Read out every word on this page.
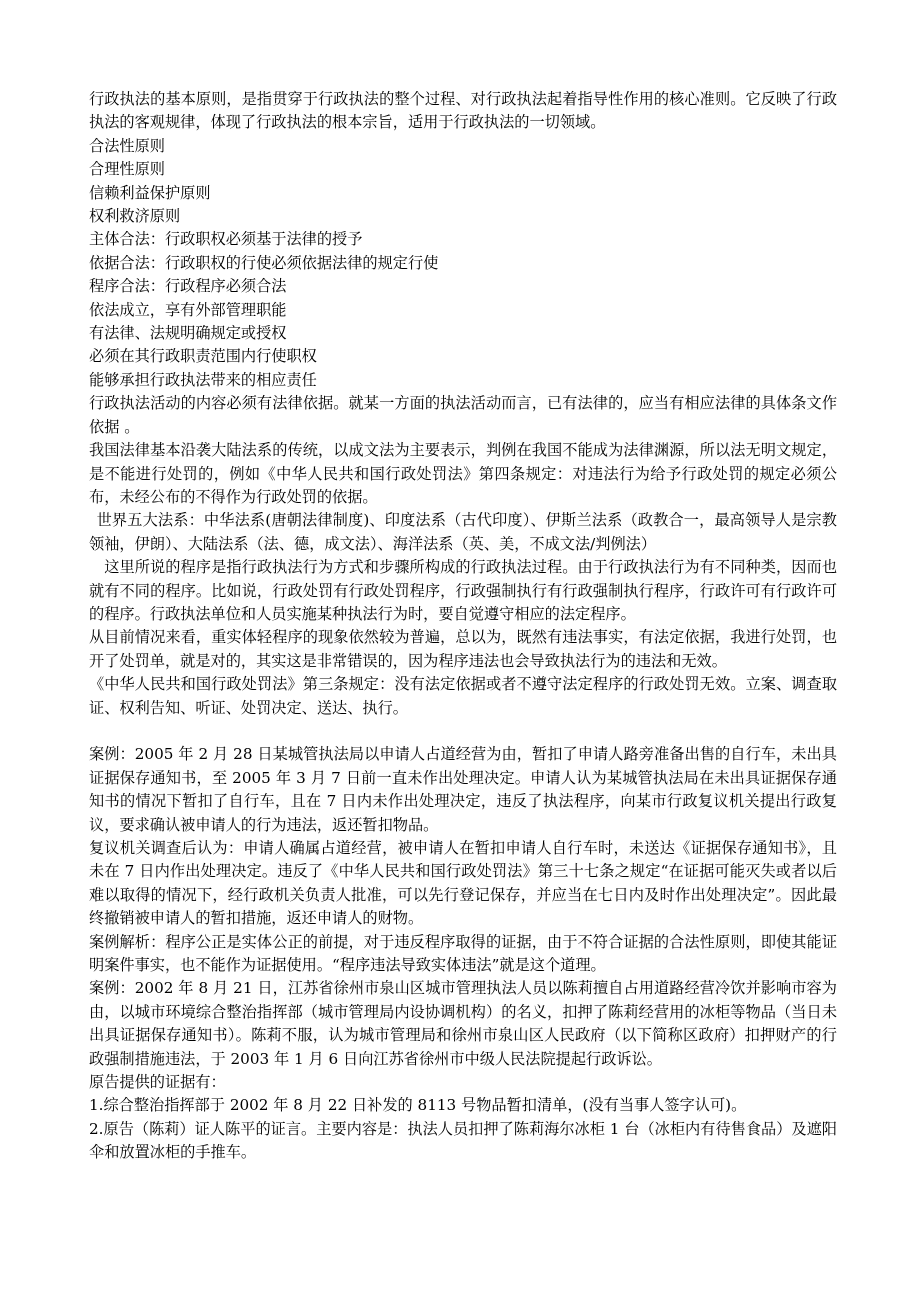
行政执法的基本原则，是指贯穿于行政执法的整个过程、对行政执法起着指导性作用的核心准则。它反映了行政执法的客观规律，体现了行政执法的根本宗旨，适用于行政执法的一切领域。

合法性原则

合理性原则

信赖利益保护原则

权利救济原则

主体合法：行政职权必须基于法律的授予

依据合法：行政职权的行使必须依据法律的规定行使

程序合法：行政程序必须合法

依法成立，享有外部管理职能

有法律、法规明确规定或授权

必须在其行政职责范围内行使职权

能够承担行政执法带来的相应责任

行政执法活动的内容必须有法律依据。就某一方面的执法活动而言，已有法律的，应当有相应法律的具体条文作依据 。

我国法律基本沿袭大陆法系的传统，以成文法为主要表示，判例在我国不能成为法律渊源，所以法无明文规定，是不能进行处罚的，例如《中华人民共和国行政处罚法》第四条规定：对违法行为给予行政处罚的规定必须公布，未经公布的不得作为行政处罚的依据。

世界五大法系：中华法系(唐朝法律制度)、印度法系（古代印度）、伊斯兰法系（政教合一，最高领导人是宗教领袖，伊朗）、大陆法系（法、德，成文法）、海洋法系（英、美，不成文法/判例法）

这里所说的程序是指行政执法行为方式和步骤所构成的行政执法过程。由于行政执法行为有不同种类，因而也就有不同的程序。比如说，行政处罚有行政处罚程序，行政强制执行有行政强制执行程序，行政许可有行政许可的程序。行政执法单位和人员实施某种执法行为时，要自觉遵守相应的法定程序。

从目前情况来看，重实体轻程序的现象依然较为普遍，总以为，既然有违法事实，有法定依据，我进行处罚，也开了处罚单，就是对的，其实这是非常错误的，因为程序违法也会导致执法行为的违法和无效。

《中华人民共和国行政处罚法》第三条规定：没有法定依据或者不遵守法定程序的行政处罚无效。立案、调查取证、权利告知、听证、处罚决定、送达、执行。

案例：2005 年 2 月 28 日某城管执法局以申请人占道经营为由，暂扣了申请人路旁准备出售的自行车，未出具证据保存通知书，至 2005 年 3 月 7 日前一直未作出处理决定。申请人认为某城管执法局在未出具证据保存通知书的情况下暂扣了自行车，且在 7 日内未作出处理决定，违反了执法程序，向某市行政复议机关提出行政复议，要求确认被申请人的行为违法，返还暂扣物品。

复议机关调查后认为：申请人确属占道经营，被申请人在暂扣申请人自行车时，未送达《证据保存通知书》，且未在 7 日内作出处理决定。违反了《中华人民共和国行政处罚法》第三十七条之规定“在证据可能灭失或者以后难以取得的情况下，经行政机关负责人批准，可以先行登记保存，并应当在七日内及时作出处理决定”。因此最终撤销被申请人的暂扣措施，返还申请人的财物。

案例解析：程序公正是实体公正的前提，对于违反程序取得的证据，由于不符合证据的合法性原则，即使其能证明案件事实，也不能作为证据使用。“程序违法导致实体违法”就是这个道理。

案例：2002 年 8 月 21 日，江苏省徐州市泉山区城市管理执法人员以陈莉擅自占用道路经营冷饮并影响市容为由，以城市环境综合整治指挥部（城市管理局内设协调机构）的名义，扣押了陈莉经营用的冰柜等物品（当日未出具证据保存通知书）。陈莉不服，认为城市管理局和徐州市泉山区人民政府（以下简称区政府）扣押财产的行政强制措施违法，于 2003 年 1 月 6 日向江苏省徐州市中级人民法院提起行政诉讼。

原告提供的证据有：

1.综合整治指挥部于 2002 年 8 月 22 日补发的 8113 号物品暂扣清单，(没有当事人签字认可)。

2.原告（陈莉）证人陈平的证言。主要内容是：执法人员扣押了陈莉海尔冰柜 1 台（冰柜内有待售食品）及遮阳伞和放置冰柜的手推车。
